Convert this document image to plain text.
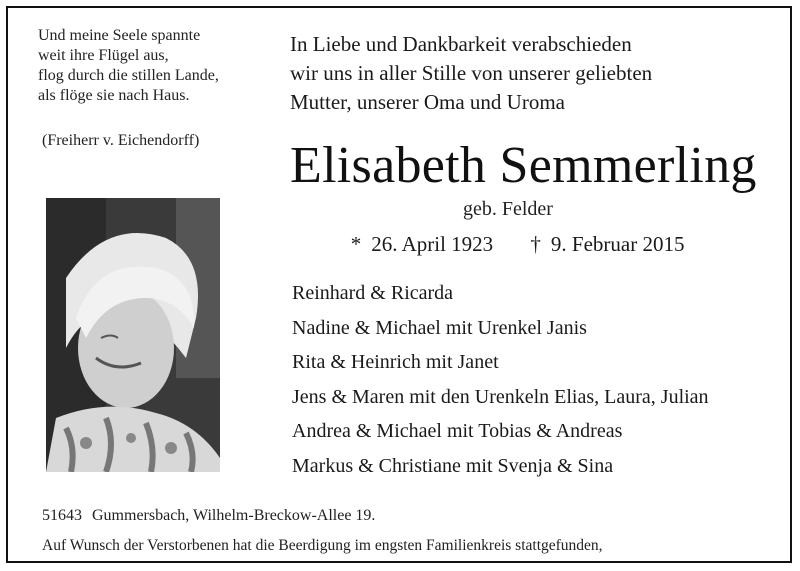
Und meine Seele spannte
weit ihre Flügel aus,
flog durch die stillen Lande,
als flöge sie nach Haus.
(Freiherr v. Eichendorff)
In Liebe und Dankbarkeit verabschieden
wir uns in aller Stille von unserer geliebten
Mutter, unserer Oma und Uroma
Elisabeth Semmerling
geb. Felder
* 26. April 1923 † 9. Februar 2015
Reinhard & Ricarda
Nadine & Michael mit Urenkel Janis
Rita & Heinrich mit Janet
Jens & Maren mit den Urenkeln Elias, Laura, Julian
Andrea & Michael mit Tobias & Andreas
Markus & Christiane mit Svenja & Sina
51643 Gummersbach, Wilhelm-Breckow-Allee 19.
Auf Wunsch der Verstorbenen hat die Beerdigung im engsten Familienkreis stattgefunden,
